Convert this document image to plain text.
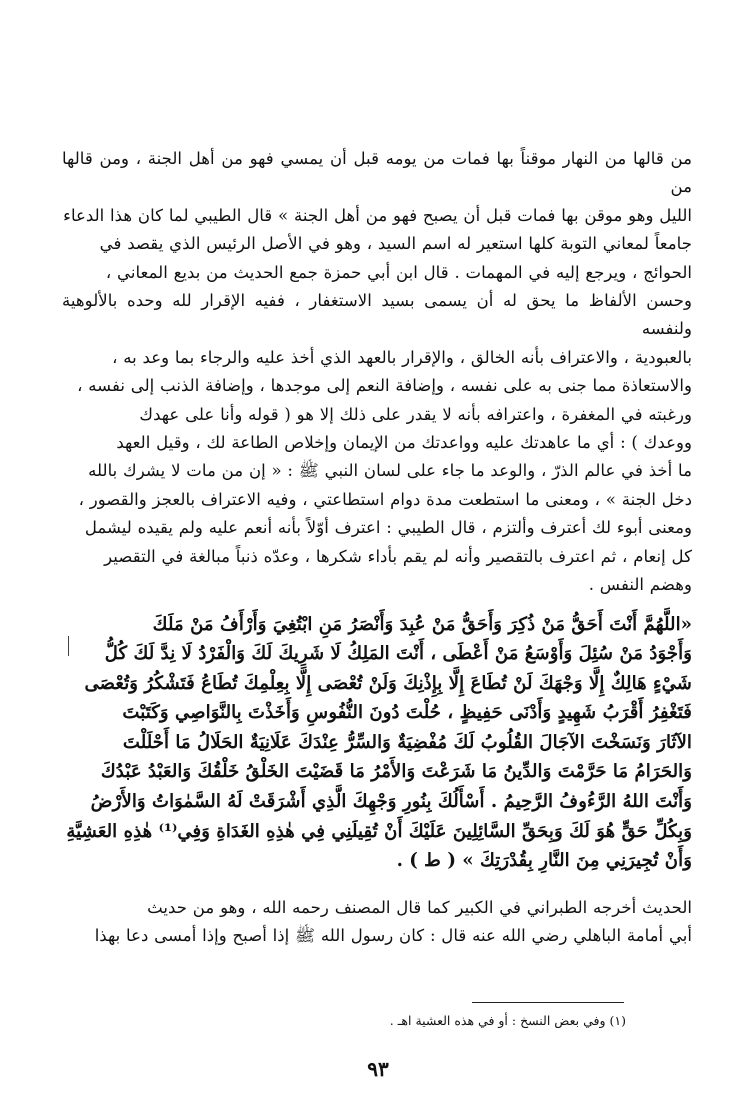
من قالها من النهار موقناً بها فمات من يومه قبل أن يمسي فهو من أهل الجنة ، ومن قالها من
الليل وهو موقن بها فمات قبل أن يصبح فهو من أهل الجنة » قال الطيبي لما كان هذا الدعاء
جامعاً لمعاني التوبة كلها استعير له اسم السيد ، وهو في الأصل الرئيس الذي يقصد في
الحوائج ، ويرجع إليه في المهمات . قال ابن أبي حمزة جمع الحديث من بديع المعاني ،
وحسن الألفاظ ما يحق له أن يسمى بسيد الاستغفار ، ففيه الإقرار لله وحده بالألوهية ولنفسه
بالعبودية ، والاعتراف بأنه الخالق ، والإقرار بالعهد الذي أخذ عليه والرجاء بما وعد به ،
والاستعاذة مما جنى به على نفسه ، وإضافة النعم إلى موجدها ، وإضافة الذنب إلى نفسه ،
ورغبته في المغفرة ، واعترافه بأنه لا يقدر على ذلك إلا هو ( قوله وأنا على عهدك
ووعدك ) : أي ما عاهدتك عليه وواعدتك من الإيمان وإخلاص الطاعة لك ، وقيل العهد
ما أخذ في عالم الذرّ ، والوعد ما جاء على لسان النبي ﷺ : « إن من مات لا يشرك بالله
دخل الجنة » ، ومعنى ما استطعت مدة دوام استطاعتي ، وفيه الاعتراف بالعجز والقصور ،
ومعنى أبوء لك أعترف وألتزم ، قال الطيبي : اعترف أوّلاً بأنه أنعم عليه ولم يقيده ليشمل
كل إنعام ، ثم اعترف بالتقصير وأنه لم يقم بأداء شكرها ، وعدّه ذنباً مبالغة في التقصير
وهضم النفس .

«اللَّهُمَّ أَنْتَ أَحَقُّ مَنْ ذُكِرَ وَأَحَقُّ مَنْ عُبِدَ وَأَنْصَرُ مَنِ ابْتُغِيَ وَأَرْأَفُ مَنْ مَلَكَ
وَأَجْوَدُ مَنْ سُئِلَ وَأَوْسَعُ مَنْ أَعْطَى ، أَنْتَ المَلِكُ لَا شَرِيكَ لَكَ وَالْفَرْدُ لَا نِدَّ لَكَ كُلُّ
شَيْءٍ هَالِكٌ إِلَّا وَجْهَكَ لَنْ تُطَاعَ إِلَّا بِإِذْنِكَ وَلَنْ تُعْصَى إِلَّا بِعِلْمِكَ تُطَاعُ فَتَشْكُرُ وَتُعْصَى
فَتَغْفِرُ أَقْرَبُ شَهِيدٍ وَأَدْنَى حَفِيظٍ ، حُلْتَ دُونَ النُّفُوسِ وَأَخَذْتَ بِالنَّوَاصِي وَكَتَبْتَ
الآثَارَ وَنَسَخْتَ الآجَالَ القُلُوبُ لَكَ مُفْضِيَةٌ وَالسِّرُّ عِنْدَكَ عَلَانِيَةٌ الحَلَالُ مَا أَحْلَلْتَ
وَالحَرَامُ مَا حَرَّمْتَ وَالدِّينُ مَا شَرَعْتَ وَالأَمْرُ مَا قَضَيْتَ الخَلْقُ خَلْقُكَ وَالعَبْدُ عَبْدُكَ
وَأَنْتَ اللهُ الرَّءُوفُ الرَّحِيمُ . أَسْأَلُكَ بِنُورِ وَجْهِكَ الَّذِي أَشْرَقَتْ لَهُ السَّمٰوَاتُ وَالأَرْضُ
وَبِكُلِّ حَقٍّ هُوَ لَكَ وَبِحَقِّ السَّائِلِينَ عَلَيْكَ أَنْ تُقِيلَنِي فِي هٰذِهِ الغَدَاةِ وَفِي⁽¹⁾ هٰذِهِ العَشِيَّةِ
وَأَنْ تُجِيرَنِي مِنَ النَّارِ بِقُدْرَتِكَ » ( ط ) .

الحديث أخرجه الطبراني في الكبير كما قال المصنف رحمه الله ، وهو من حديث
أبي أمامة الباهلي رضي الله عنه قال : كان رسول الله ﷺ إذا أصبح وإذا أمسى دعا بهذا

(١) وفي بعض النسخ : أو في هذه العشية اهـ .
٩٣
